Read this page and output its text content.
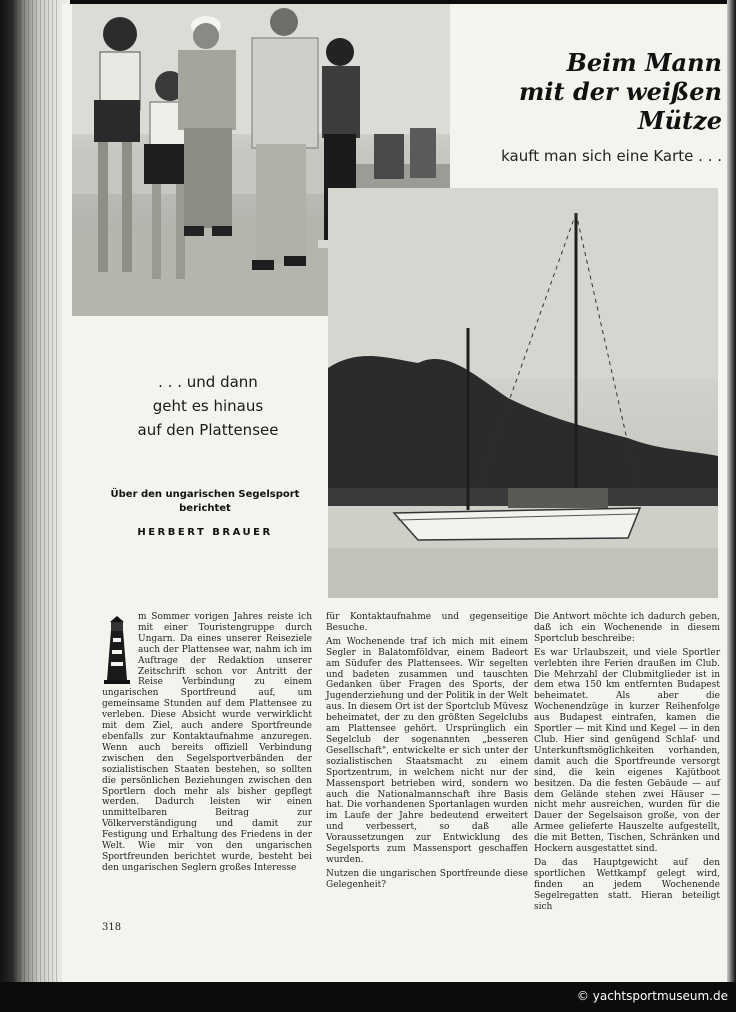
Beim Mann
mit der weißen Mütze
kauft man sich eine Karte . . .
. . . und dann
geht es hinaus
auf den Plattensee
Über den ungarischen Segelsport
berichtet
HERBERT BRAUER

m Sommer vorigen Jahres reiste ich mit einer Touristengruppe durch Ungarn. Da eines unserer Reiseziele auch der Plattensee war, nahm ich im Auftrage der Redaktion unserer Zeitschrift schon vor Antritt der Reise Verbindung zu einem ungarischen Sportfreund auf, um gemeinsame Stunden auf dem Plattensee zu verleben. Diese Absicht wurde verwirklicht mit dem Ziel, auch andere Sportfreunde ebenfalls zur Kontaktaufnahme anzuregen. Wenn auch bereits offiziell Verbindung zwischen den Segelsportverbänden der sozialistischen Staaten bestehen, so sollten die persönlichen Beziehungen zwischen den Sportlern doch mehr als bisher gepflegt werden. Dadurch leisten wir einen unmittelbaren Beitrag zur Völkerverständigung und damit zur Festigung und Erhaltung des Friedens in der Welt. Wie mir von den ungarischen Sportfreunden berichtet wurde, besteht bei den ungarischen Seglern großes Interesse

für Kontaktaufnahme und gegenseitige Besuche.

Am Wochenende traf ich mich mit einem Segler in Balatomföldvar, einem Badeort am Südufer des Plattensees. Wir segelten und badeten zusammen und tauschten Gedanken über Fragen des Sports, der Jugenderziehung und der Politik in der Welt aus. In diesem Ort ist der Sportclub Müvesz beheimatet, der zu den größten Segelclubs am Plattensee gehört. Ursprünglich ein Segelclub der sogenannten „besseren Gesellschaft", entwickelte er sich unter der sozialistischen Staatsmacht zu einem Sportzentrum, in welchem nicht nur der Massensport betrieben wird, sondern wo auch die Nationalmannschaft ihre Basis hat. Die vorhandenen Sportanlagen wurden im Laufe der Jahre bedeutend erweitert und verbessert, so daß alle Voraussetzungen zur Entwicklung des Segelsports zum Massensport geschaffen wurden.

Nutzen die ungarischen Sportfreunde diese Gelegenheit?

Die Antwort möchte ich dadurch geben, daß ich ein Wochenende in diesem Sportclub beschreibe:

Es war Urlaubszeit, und viele Sportler verlebten ihre Ferien draußen im Club. Die Mehrzahl der Clubmitglieder ist in dem etwa 150 km entfernten Budapest beheimatet. Als aber die Wochenendzüge in kurzer Reihenfolge aus Budapest eintrafen, kamen die Sportler — mit Kind und Kegel — in den Club. Hier sind genügend Schlaf- und Unterkunftsmöglichkeiten vorhanden, damit auch die Sportfreunde versorgt sind, die kein eigenes Kajütboot besitzen. Da die festen Gebäude — auf dem Gelände stehen zwei Häuser — nicht mehr ausreichen, wurden für die Dauer der Segelsaison große, von der Armee gelieferte Hauszelte aufgestellt, die mit Betten, Tischen, Schränken und Hockern ausgestattet sind.

Da das Hauptgewicht auf den sportlichen Wettkampf gelegt wird, finden an jedem Wochenende Segelregatten statt. Hieran beteiligt sich

318
© yachtsportmuseum.de
